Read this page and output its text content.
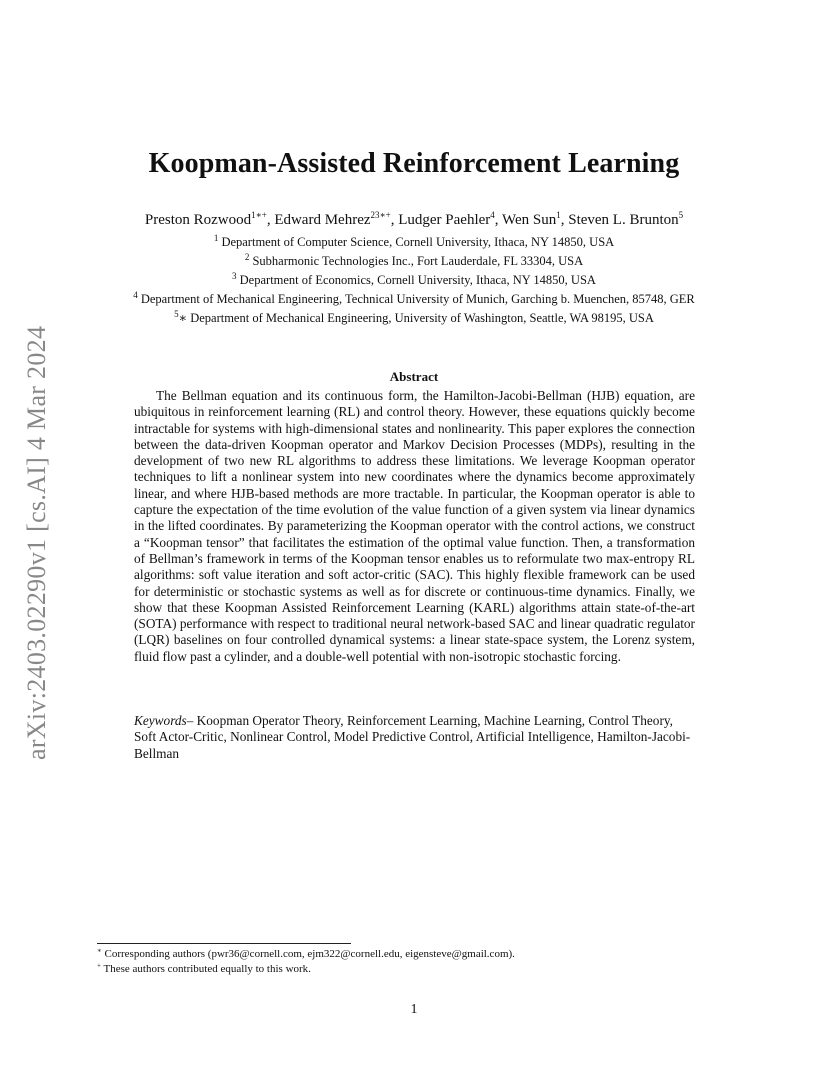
arXiv:2403.02290v1 [cs.AI] 4 Mar 2024
Koopman-Assisted Reinforcement Learning
Preston Rozwood$^{1∗+}$, Edward Mehrez$^{23∗+}$, Ludger Paehler$^4$, Wen Sun$^1$, Steven L. Brunton$^5$
$^1$ Department of Computer Science, Cornell University, Ithaca, NY 14850, USA
$^2$ Subharmonic Technologies Inc., Fort Lauderdale, FL 33304, USA
$^3$ Department of Economics, Cornell University, Ithaca, NY 14850, USA
$^4$ Department of Mechanical Engineering, Technical University of Munich, Garching b. Muenchen, 85748, GER
$^5$∗ Department of Mechanical Engineering, University of Washington, Seattle, WA 98195, USA
Abstract

The Bellman equation and its continuous form, the Hamilton-Jacobi-Bellman (HJB) equation, are ubiquitous in reinforcement learning (RL) and control theory. However, these equations quickly become intractable for systems with high-dimensional states and nonlinearity. This paper explores the connection between the data-driven Koopman operator and Markov Decision Processes (MDPs), resulting in the development of two new RL algorithms to address these limitations. We leverage Koopman operator techniques to lift a nonlinear system into new coordinates where the dynamics become approximately linear, and where HJB-based methods are more tractable. In particular, the Koopman operator is able to capture the expectation of the time evolution of the value function of a given system via linear dynamics in the lifted coordinates. By parameterizing the Koopman operator with the control actions, we construct a “Koopman tensor” that facilitates the estimation of the optimal value function. Then, a transformation of Bellman’s framework in terms of the Koopman tensor enables us to reformulate two max-entropy RL algorithms: soft value iteration and soft actor-critic (SAC). This highly flexible framework can be used for deterministic or stochastic systems as well as for discrete or continuous-time dynamics. Finally, we show that these Koopman Assisted Reinforcement Learning (KARL) algorithms attain state-of-the-art (SOTA) performance with respect to traditional neural network-based SAC and linear quadratic regulator (LQR) baselines on four controlled dynamical systems: a linear state-space system, the Lorenz system, fluid flow past a cylinder, and a double-well potential with non-isotropic stochastic forcing.

Keywords– Koopman Operator Theory, Reinforcement Learning, Machine Learning, Control Theory, Soft Actor-Critic, Nonlinear Control, Model Predictive Control, Artificial Intelligence, Hamilton-Jacobi-Bellman

∗ Corresponding authors (pwr36@cornell.com, ejm322@cornell.edu, eigensteve@gmail.com).
+ These authors contributed equally to this work.
1
